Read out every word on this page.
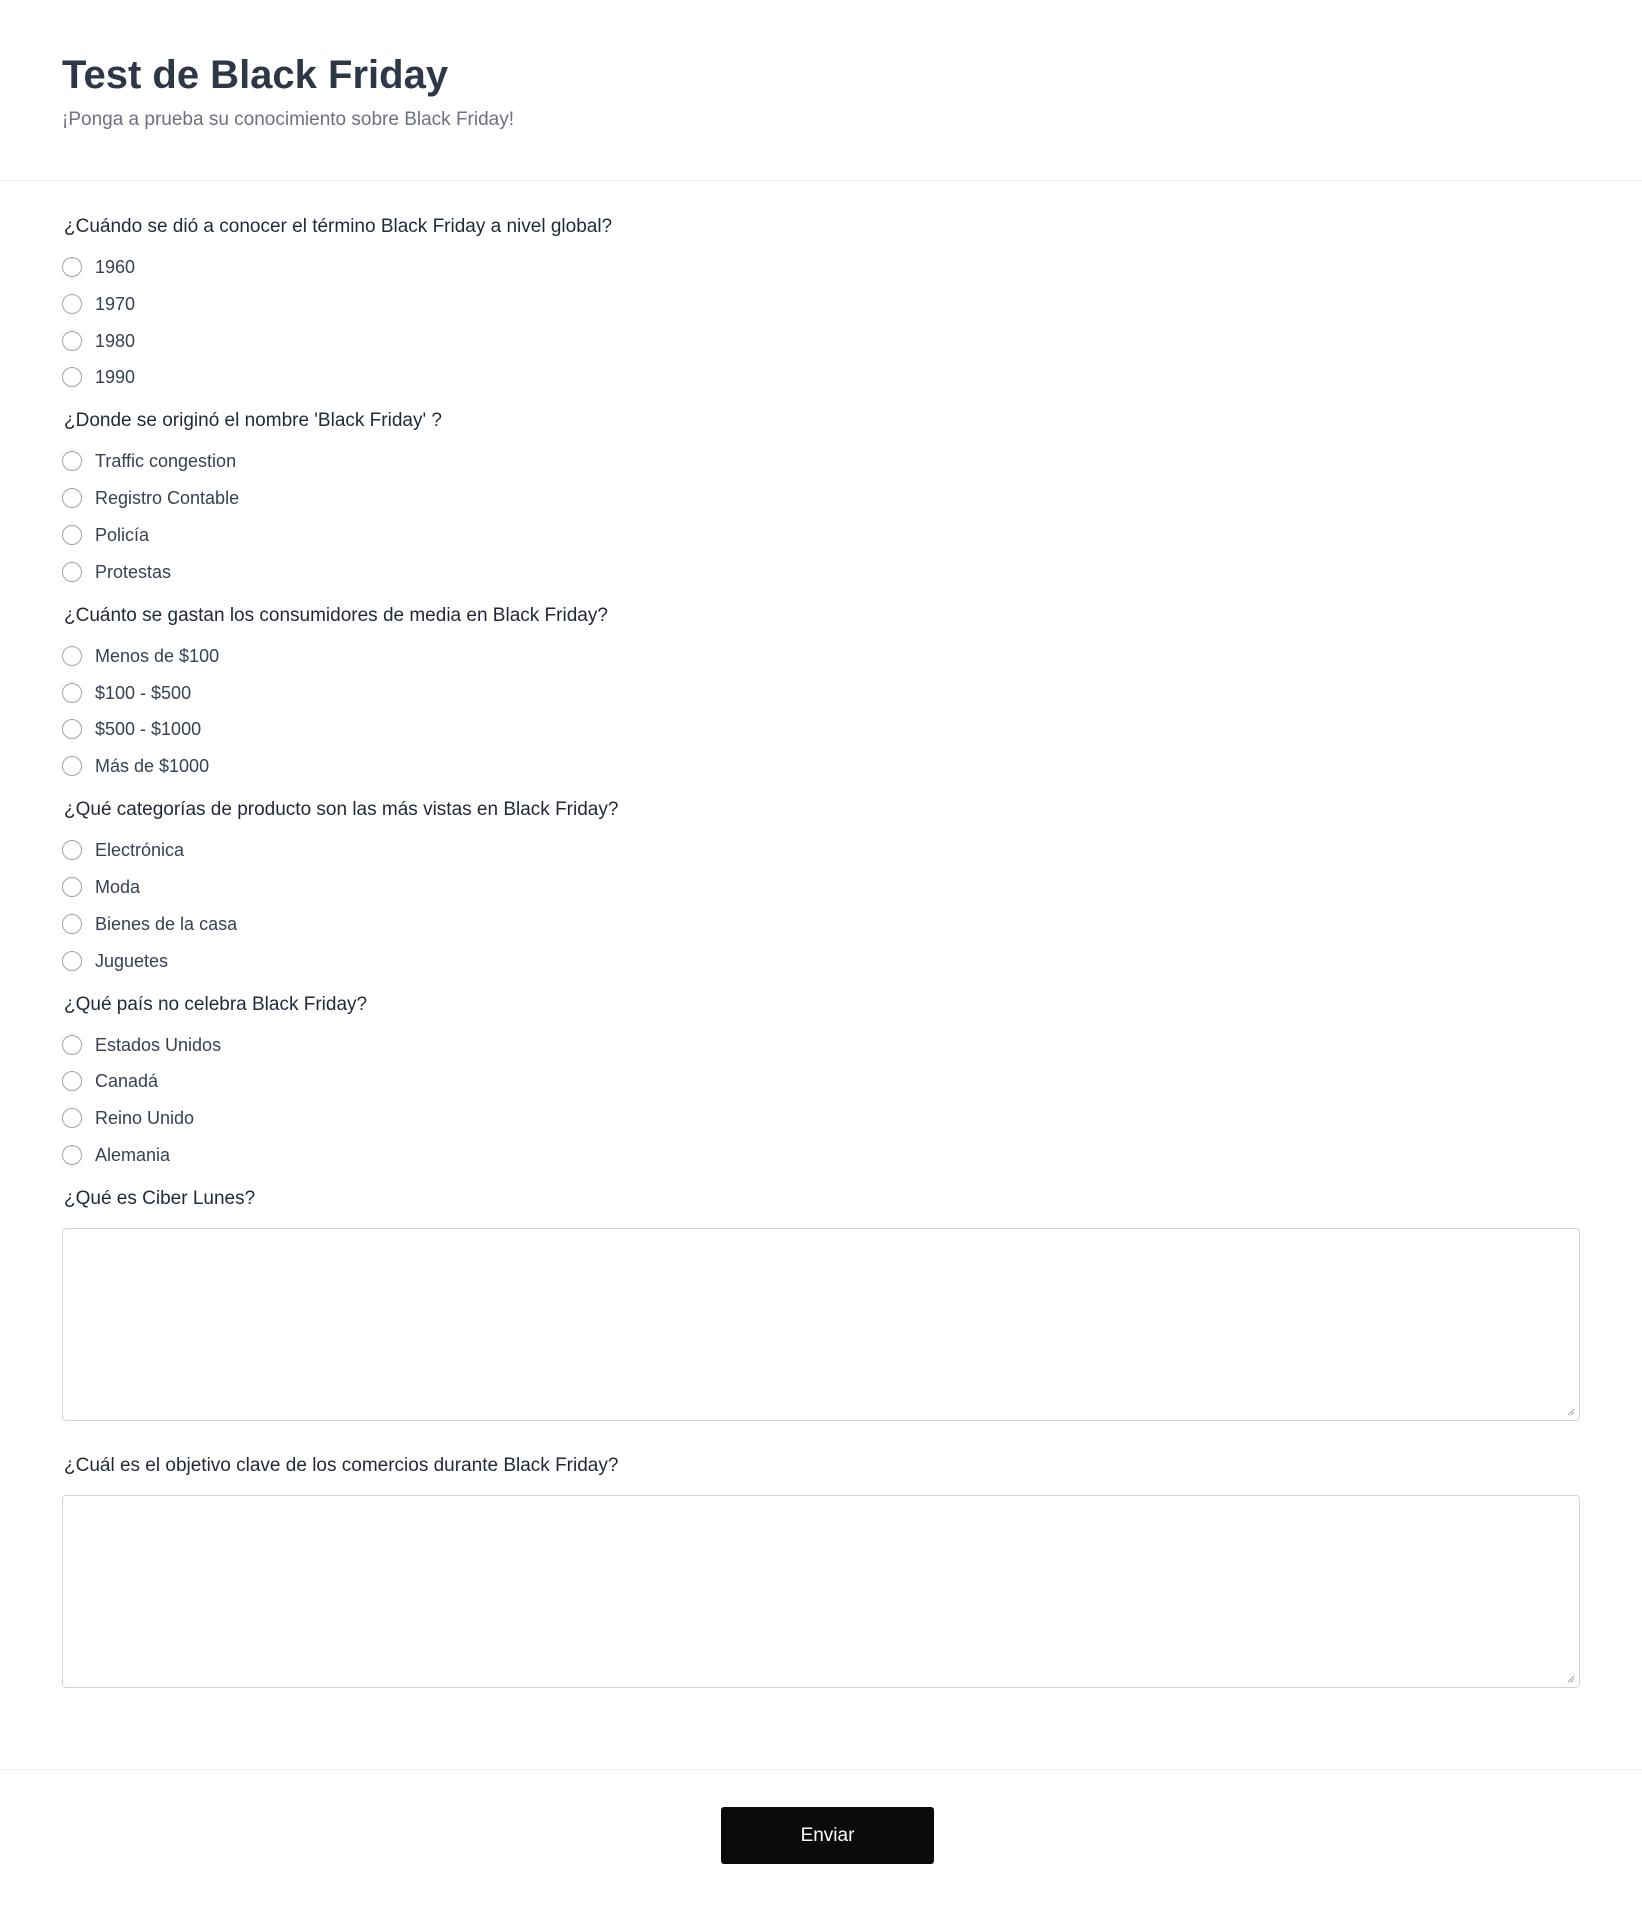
Test de Black Friday

¡Ponga a prueba su conocimiento sobre Black Friday!

¿Cuándo se dió a conocer el término Black Friday a nivel global?

1960
1970
1980
1990

¿Donde se originó el nombre 'Black Friday' ?

Traffic congestion
Registro Contable
Policía
Protestas

¿Cuánto se gastan los consumidores de media en Black Friday?

Menos de $100
$100 - $500
$500 - $1000
Más de $1000

¿Qué categorías de producto son las más vistas en Black Friday?

Electrónica
Moda
Bienes de la casa
Juguetes

¿Qué país no celebra Black Friday?

Estados Unidos
Canadá
Reino Unido
Alemania

¿Qué es Ciber Lunes?

¿Cuál es el objetivo clave de los comercios durante Black Friday?

Enviar
